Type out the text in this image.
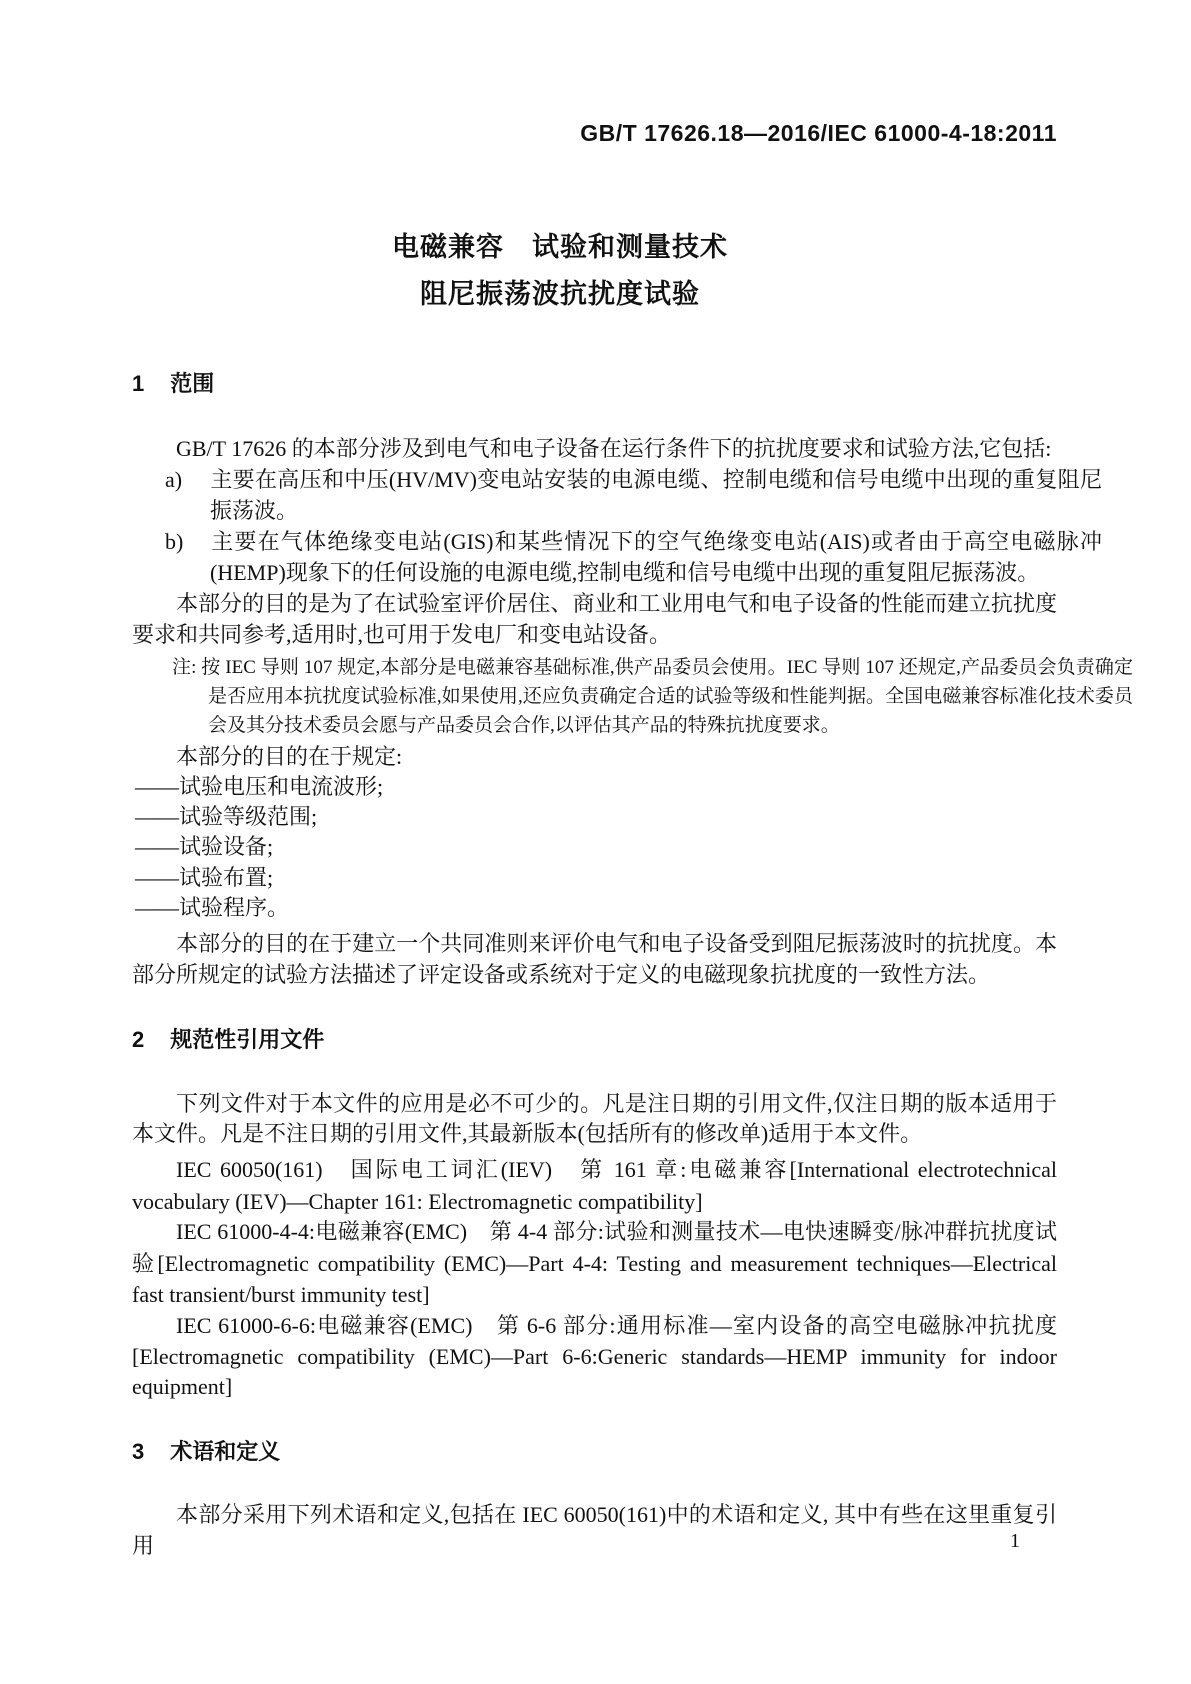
GB/T 17626.18—2016/IEC 61000-4-18:2011
电磁兼容　试验和测量技术
阻尼振荡波抗扰度试验
1 范围
GB/T 17626 的本部分涉及到电气和电子设备在运行条件下的抗扰度要求和试验方法,它包括:
a) 主要在高压和中压(HV/MV)变电站安装的电源电缆、控制电缆和信号电缆中出现的重复阻尼振荡波。
b) 主要在气体绝缘变电站(GIS)和某些情况下的空气绝缘变电站(AIS)或者由于高空电磁脉冲(HEMP)现象下的任何设施的电源电缆,控制电缆和信号电缆中出现的重复阻尼振荡波。
本部分的目的是为了在试验室评价居住、商业和工业用电气和电子设备的性能而建立抗扰度要求和共同参考,适用时,也可用于发电厂和变电站设备。
注: 按 IEC 导则 107 规定,本部分是电磁兼容基础标准,供产品委员会使用。IEC 导则 107 还规定,产品委员会负责确定是否应用本抗扰度试验标准,如果使用,还应负责确定合适的试验等级和性能判据。全国电磁兼容标准化技术委员会及其分技术委员会愿与产品委员会合作,以评估其产品的特殊抗扰度要求。
本部分的目的在于规定:
——试验电压和电流波形;
——试验等级范围;
——试验设备;
——试验布置;
——试验程序。
本部分的目的在于建立一个共同准则来评价电气和电子设备受到阻尼振荡波时的抗扰度。本部分所规定的试验方法描述了评定设备或系统对于定义的电磁现象抗扰度的一致性方法。
2 规范性引用文件
下列文件对于本文件的应用是必不可少的。凡是注日期的引用文件,仅注日期的版本适用于本文件。凡是不注日期的引用文件,其最新版本(包括所有的修改单)适用于本文件。
IEC 60050(161)　国际电工词汇(IEV)　第 161 章:电磁兼容[International electrotechnical vocabulary (IEV)—Chapter 161: Electromagnetic compatibility]
IEC 61000-4-4:电磁兼容(EMC)　第 4-4 部分:试验和测量技术—电快速瞬变/脉冲群抗扰度试验[Electromagnetic compatibility (EMC)—Part 4-4: Testing and measurement techniques—Electrical fast transient/burst immunity test]
IEC 61000-6-6:电磁兼容(EMC)　第 6-6 部分:通用标准—室内设备的高空电磁脉冲抗扰度[Electromagnetic compatibility (EMC)—Part 6-6:Generic standards—HEMP immunity for indoor equipment]
3 术语和定义
本部分采用下列术语和定义,包括在 IEC 60050(161)中的术语和定义, 其中有些在这里重复引用	1
